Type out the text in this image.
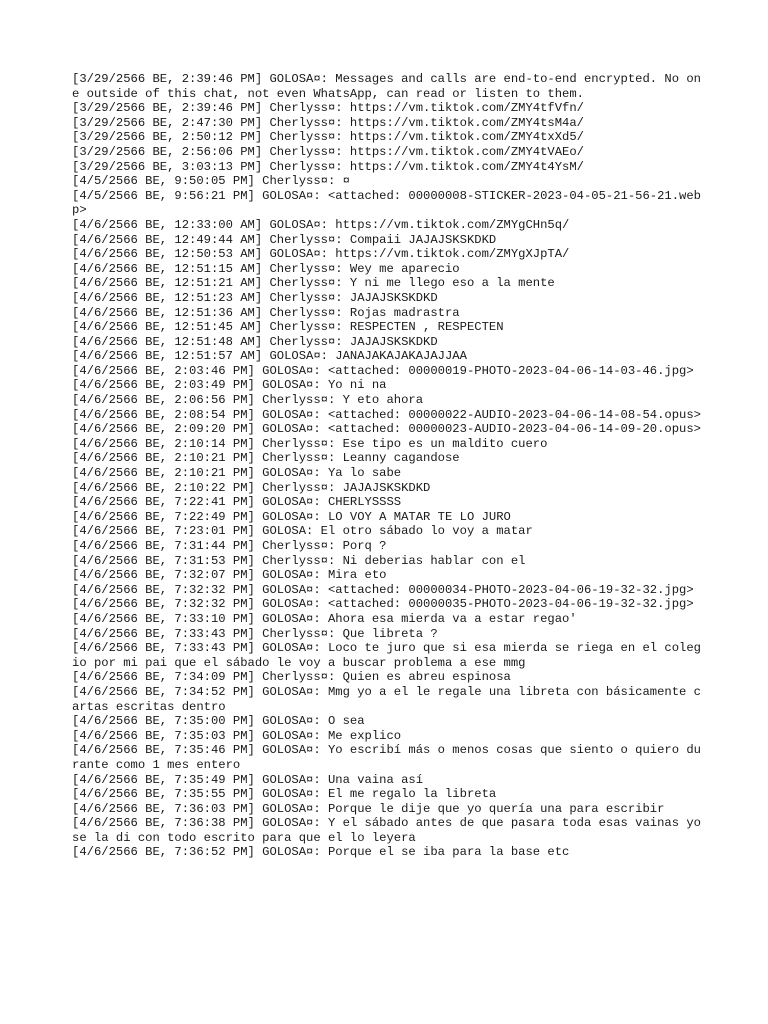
[3/29/2566 BE, 2:39:46 PM] GOLOSA¤: Messages and calls are end-to-end encrypted. No one outside of this chat, not even WhatsApp, can read or listen to them.
[3/29/2566 BE, 2:39:46 PM] Cherlyss¤: https://vm.tiktok.com/ZMY4tfVfn/
[3/29/2566 BE, 2:47:30 PM] Cherlyss¤: https://vm.tiktok.com/ZMY4tsM4a/
[3/29/2566 BE, 2:50:12 PM] Cherlyss¤: https://vm.tiktok.com/ZMY4txXd5/
[3/29/2566 BE, 2:56:06 PM] Cherlyss¤: https://vm.tiktok.com/ZMY4tVAEo/
[3/29/2566 BE, 3:03:13 PM] Cherlyss¤: https://vm.tiktok.com/ZMY4t4YsM/
[4/5/2566 BE, 9:50:05 PM] Cherlyss¤: ¤
[4/5/2566 BE, 9:56:21 PM] GOLOSA¤: <attached: 00000008-STICKER-2023-04-05-21-56-21.webp>
[4/6/2566 BE, 12:33:00 AM] GOLOSA¤: https://vm.tiktok.com/ZMYgCHn5q/
[4/6/2566 BE, 12:49:44 AM] Cherlyss¤: Compaii JAJAJSKSKDKD
[4/6/2566 BE, 12:50:53 AM] GOLOSA¤: https://vm.tiktok.com/ZMYgXJpTA/
[4/6/2566 BE, 12:51:15 AM] Cherlyss¤: Wey me aparecio
[4/6/2566 BE, 12:51:21 AM] Cherlyss¤: Y ni me llego eso a la mente
[4/6/2566 BE, 12:51:23 AM] Cherlyss¤: JAJAJSKSKDKD
[4/6/2566 BE, 12:51:36 AM] Cherlyss¤: Rojas madrastra
[4/6/2566 BE, 12:51:45 AM] Cherlyss¤: RESPECTEN , RESPECTEN
[4/6/2566 BE, 12:51:48 AM] Cherlyss¤: JAJAJSKSKDKD
[4/6/2566 BE, 12:51:57 AM] GOLOSA¤: JANAJAKAJAKAJAJJAA
[4/6/2566 BE, 2:03:46 PM] GOLOSA¤: <attached: 00000019-PHOTO-2023-04-06-14-03-46.jpg>
[4/6/2566 BE, 2:03:49 PM] GOLOSA¤: Yo ni na
[4/6/2566 BE, 2:06:56 PM] Cherlyss¤: Y eto ahora
[4/6/2566 BE, 2:08:54 PM] GOLOSA¤: <attached: 00000022-AUDIO-2023-04-06-14-08-54.opus>
[4/6/2566 BE, 2:09:20 PM] GOLOSA¤: <attached: 00000023-AUDIO-2023-04-06-14-09-20.opus>
[4/6/2566 BE, 2:10:14 PM] Cherlyss¤: Ese tipo es un maldito cuero
[4/6/2566 BE, 2:10:21 PM] Cherlyss¤: Leanny cagandose
[4/6/2566 BE, 2:10:21 PM] GOLOSA¤: Ya lo sabe
[4/6/2566 BE, 2:10:22 PM] Cherlyss¤: JAJAJSKSKDKD
[4/6/2566 BE, 7:22:41 PM] GOLOSA¤: CHERLYSSSS
[4/6/2566 BE, 7:22:49 PM] GOLOSA¤: LO VOY A MATAR TE LO JURO
[4/6/2566 BE, 7:23:01 PM] GOLOSA: El otro sábado lo voy a matar
[4/6/2566 BE, 7:31:44 PM] Cherlyss¤: Porq ?
[4/6/2566 BE, 7:31:53 PM] Cherlyss¤: Ni deberias hablar con el
[4/6/2566 BE, 7:32:07 PM] GOLOSA¤: Mira eto
[4/6/2566 BE, 7:32:32 PM] GOLOSA¤: <attached: 00000034-PHOTO-2023-04-06-19-32-32.jpg>
[4/6/2566 BE, 7:32:32 PM] GOLOSA¤: <attached: 00000035-PHOTO-2023-04-06-19-32-32.jpg>
[4/6/2566 BE, 7:33:10 PM] GOLOSA¤: Ahora esa mierda va a estar regao'
[4/6/2566 BE, 7:33:43 PM] Cherlyss¤: Que libreta ?
[4/6/2566 BE, 7:33:43 PM] GOLOSA¤: Loco te juro que si esa mierda se riega en el colegio por mi pai que el sábado le voy a buscar problema a ese mmg
[4/6/2566 BE, 7:34:09 PM] Cherlyss¤: Quien es abreu espinosa
[4/6/2566 BE, 7:34:52 PM] GOLOSA¤: Mmg yo a el le regale una libreta con básicamente cartas escritas dentro
[4/6/2566 BE, 7:35:00 PM] GOLOSA¤: O sea
[4/6/2566 BE, 7:35:03 PM] GOLOSA¤: Me explico
[4/6/2566 BE, 7:35:46 PM] GOLOSA¤: Yo escribí más o menos cosas que siento o quiero durante como 1 mes entero
[4/6/2566 BE, 7:35:49 PM] GOLOSA¤: Una vaina así
[4/6/2566 BE, 7:35:55 PM] GOLOSA¤: El me regalo la libreta
[4/6/2566 BE, 7:36:03 PM] GOLOSA¤: Porque le dije que yo quería una para escribir
[4/6/2566 BE, 7:36:38 PM] GOLOSA¤: Y el sábado antes de que pasara toda esas vainas yo se la di con todo escrito para que el lo leyera
[4/6/2566 BE, 7:36:52 PM] GOLOSA¤: Porque el se iba para la base etc
